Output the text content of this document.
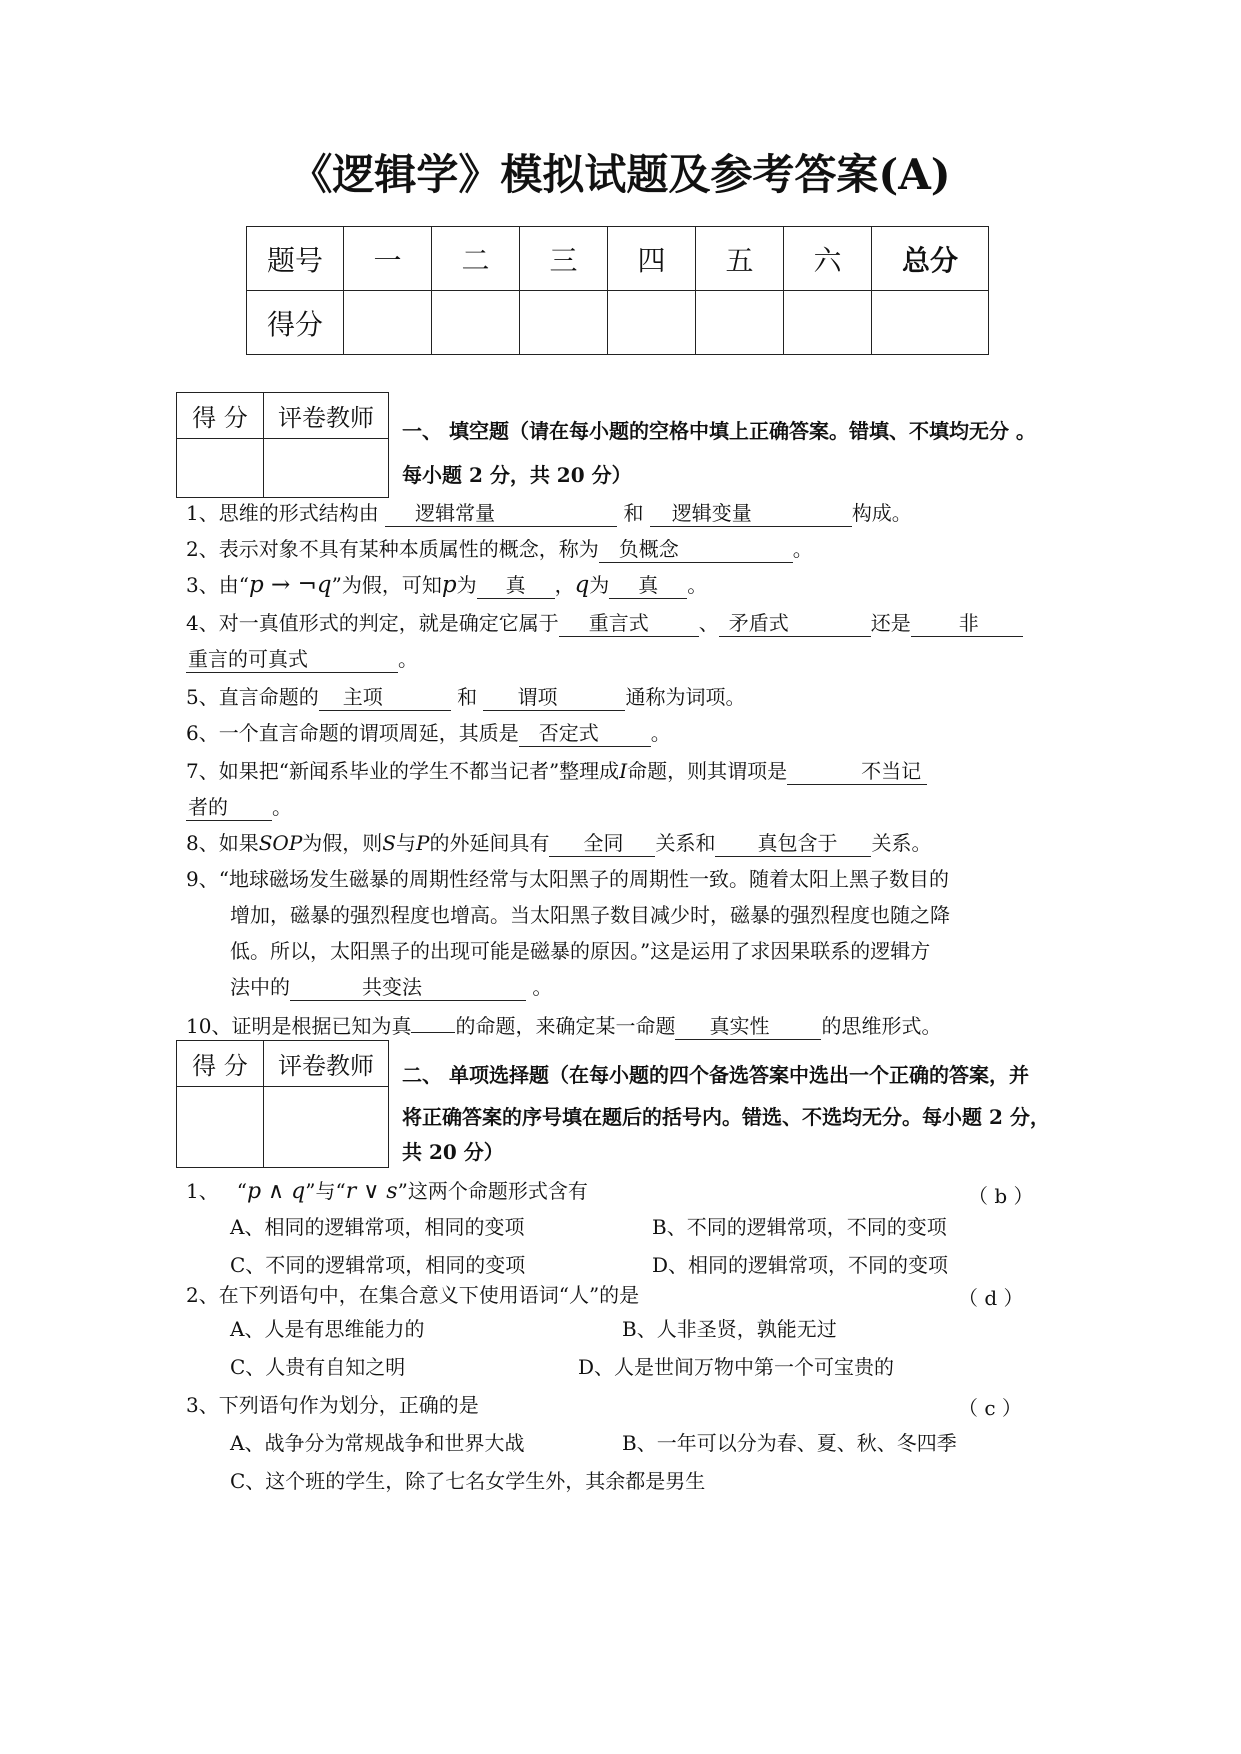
《逻辑学》模拟试题及参考答案(A)
题号	一	二	三	四	五	六	总分
得分							
得 分	评卷教师
	一、 填空题（请在每小题的空格中填上正确答案。错填、不填均无分 。
每小题 2 分，共 20 分）
1、思维的形式结构由 逻辑常量	和 逻辑变量	构成。
2、表示对象不具有某种本质属性的概念，称为 负概念	。
3、由“p → ¬q”为假，可知p为 真 ，q为 真 。
4、对一真值形式的判定，就是确定它属于 重言式	、 矛盾式	还是 非
重言的可真式	。
5、直言命题的 主项	和 谓项	通称为词项。
6、一个直言命题的谓项周延，其质是 否定式	。
7、如果把“新闻系毕业的学生不都当记者”整理成I命题，则其谓项是	不当记
者的 。
8、如果SOP为假，则S与P的外延间具有 全同 关系和 真包含于 关系。
9、“地球磁场发生磁暴的周期性经常与太阳黑子的周期性一致。随着太阳上黑子数目的
增加，磁暴的强烈程度也增高。当太阳黑子数目减少时，磁暴的强烈程度也随之降
低。所以，太阳黑子的出现可能是磁暴的原因。”这是运用了求因果联系的逻辑方
法中的	共变法	。
10、证明是根据已知为真 的命题，来确定某一命题 真实性	的思维形式。
得 分	评卷教师
	二、 单项选择题（在每小题的四个备选答案中选出一个正确的答案，并
将正确答案的序号填在题后的括号内。错选、不选均无分。每小题 2 分，
共 20 分）
1、 “p ∧ q”与“r ∨ s”这两个命题形式含有	（ b ）
A、相同的逻辑常项，相同的变项	B、不同的逻辑常项，不同的变项
C、不同的逻辑常项，相同的变项	D、相同的逻辑常项，不同的变项
2、在下列语句中，在集合意义下使用语词“人”的是	（ d ）
A、人是有思维能力的	B、人非圣贤，孰能无过
C、人贵有自知之明	D、人是世间万物中第一个可宝贵的
3、下列语句作为划分，正确的是	（ c ）
A、战争分为常规战争和世界大战	B、一年可以分为春、夏、秋、冬四季
C、这个班的学生，除了七名女学生外，其余都是男生
